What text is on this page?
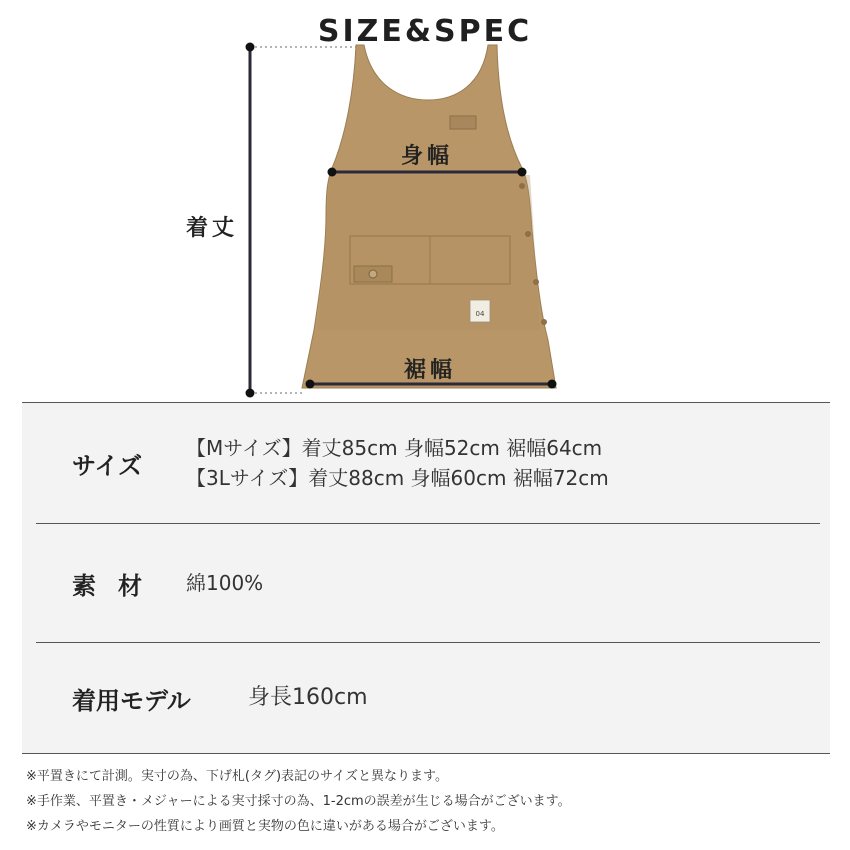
SIZE&SPEC
04
着丈
身幅
裾幅
サイズ
【Mサイズ】着丈85cm 身幅52cm 裾幅64cm
【3Lサイズ】着丈88cm 身幅60cm 裾幅72cm
素材	綿100%
着用モデル	身長160cm
※平置きにて計測。実寸の為、下げ札(タグ)表記のサイズと異なります。
※手作業、平置き・メジャーによる実寸採寸の為、1-2cmの誤差が生じる場合がございます。
※カメラやモニターの性質により画質と実物の色に違いがある場合がございます。
